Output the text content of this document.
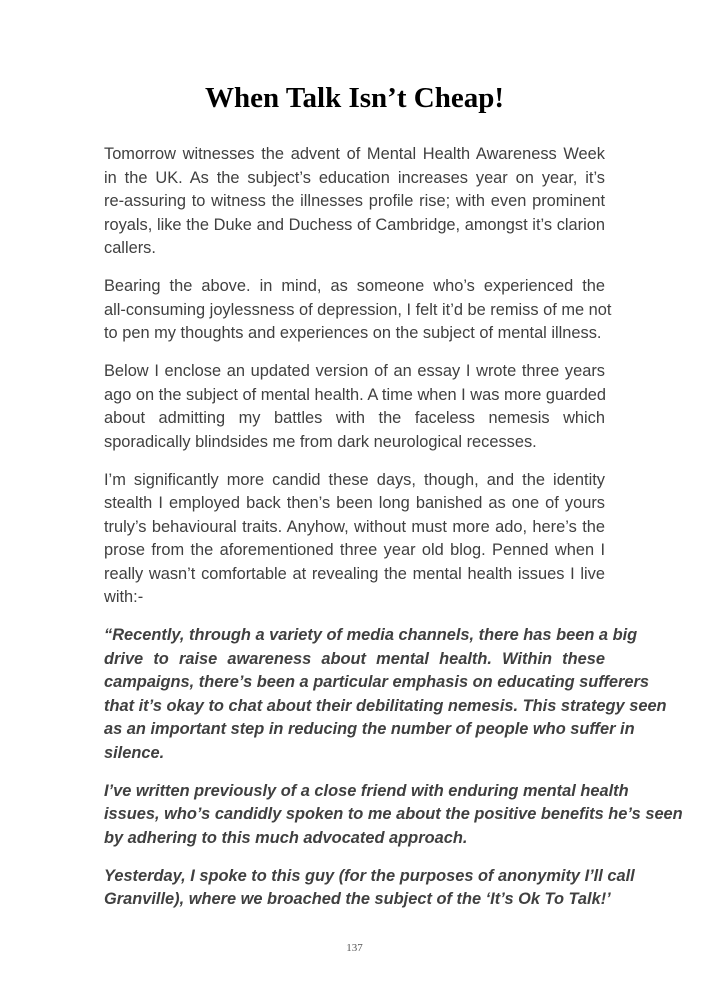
When Talk Isn’t Cheap!
Tomorrow witnesses the advent of Mental Health Awareness Week
in the UK. As the subject’s education increases year on year, it’s
re-assuring to witness the illnesses profile rise; with even prominent
royals, like the Duke and Duchess of Cambridge, amongst it’s clarion
callers.
Bearing the above. in mind, as someone who’s experienced the
all-consuming joylessness of depression, I felt it’d be remiss of me not
to pen my thoughts and experiences on the subject of mental illness.
Below I enclose an updated version of an essay I wrote three years
ago on the subject of mental health. A time when I was more guarded
about admitting my battles with the faceless nemesis which
sporadically blindsides me from dark neurological recesses.
I’m significantly more candid these days, though, and the identity
stealth I employed back then’s been long banished as one of yours
truly’s behavioural traits. Anyhow, without must more ado, here’s the
prose from the aforementioned three year old blog. Penned when I
really wasn’t comfortable at revealing the mental health issues I live
with:-
“Recently, through a variety of media channels, there has been a big
drive to raise awareness about mental health. Within these
campaigns, there’s been a particular emphasis on educating sufferers
that it’s okay to chat about their debilitating nemesis. This strategy seen
as an important step in reducing the number of people who suffer in
silence.
I’ve written previously of a close friend with enduring mental health
issues, who’s candidly spoken to me about the positive benefits he’s seen
by adhering to this much advocated approach.
Yesterday, I spoke to this guy (for the purposes of anonymity I’ll call
Granville), where we broached the subject of the ‘It’s Ok To Talk!’
137
